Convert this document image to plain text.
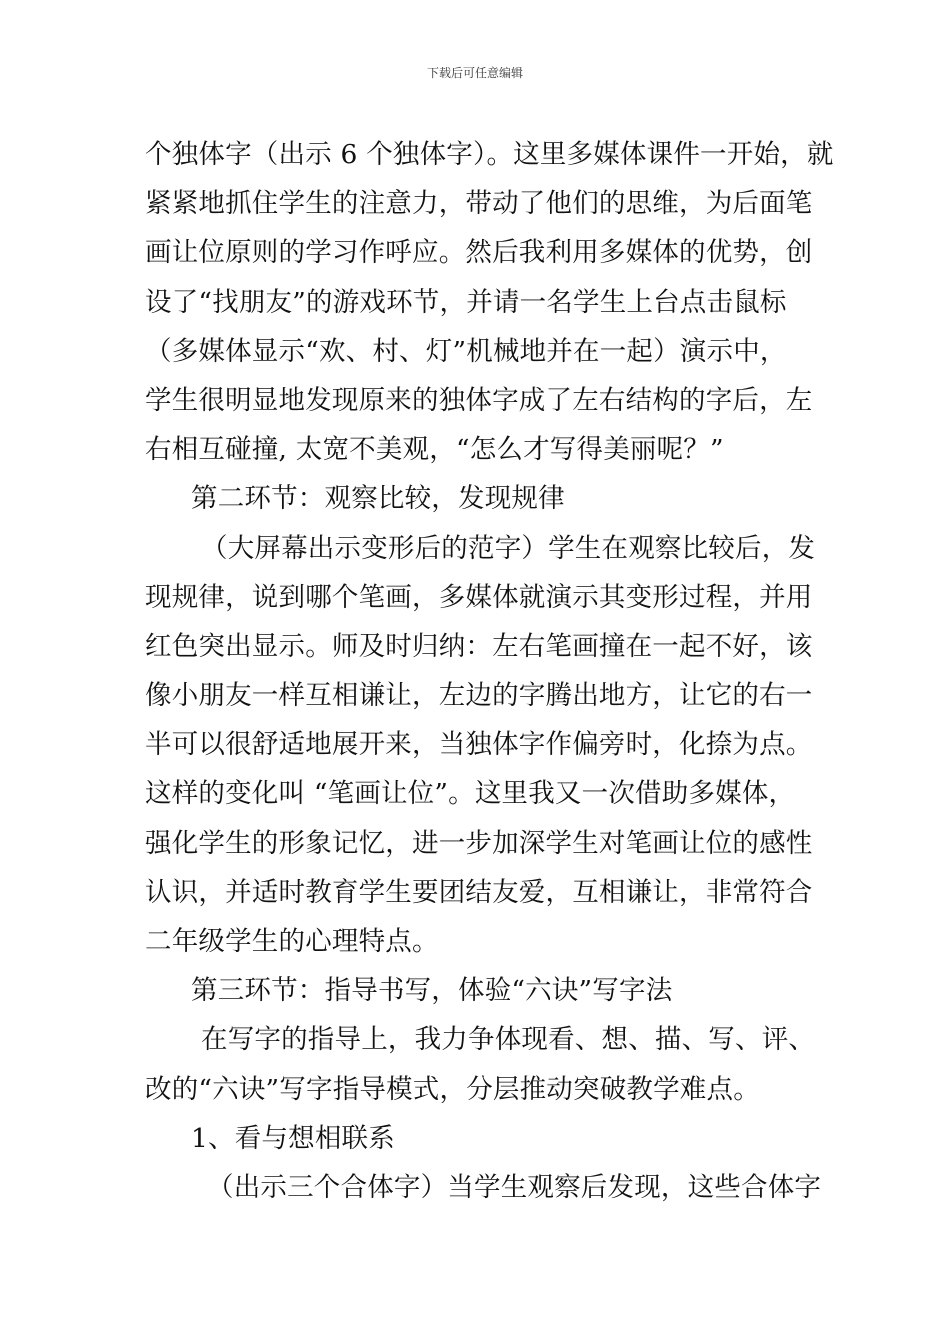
下载后可任意编辑
个独体字（出示 6 个独体字）。这里多媒体课件一开始，就
紧紧地抓住学生的注意力，带动了他们的思维，为后面笔
画让位原则的学习作呼应。然后我利用多媒体的优势，创
设了“找朋友”的游戏环节，并请一名学生上台点击鼠标
（多媒体显示“欢、村、灯”机械地并在一起）演示中，
学生很明显地发现原来的独体字成了左右结构的字后，左
右相互碰撞, 太宽不美观，“怎么才写得美丽呢？”
第二环节：观察比较，发现规律
（大屏幕出示变形后的范字）学生在观察比较后，发
现规律，说到哪个笔画，多媒体就演示其变形过程，并用
红色突出显示。师及时归纳：左右笔画撞在一起不好，该
像小朋友一样互相谦让，左边的字腾出地方，让它的右一
半可以很舒适地展开来，当独体字作偏旁时，化捺为点。
这样的变化叫 “笔画让位”。这里我又一次借助多媒体，
强化学生的形象记忆，进一步加深学生对笔画让位的感性
认识，并适时教育学生要团结友爱，互相谦让，非常符合
二年级学生的心理特点。
第三环节：指导书写，体验“六诀”写字法
在写字的指导上，我力争体现看、想、描、写、评、
改的“六诀”写字指导模式，分层推动突破教学难点。
1、看与想相联系
（出示三个合体字）当学生观察后发现，这些合体字
